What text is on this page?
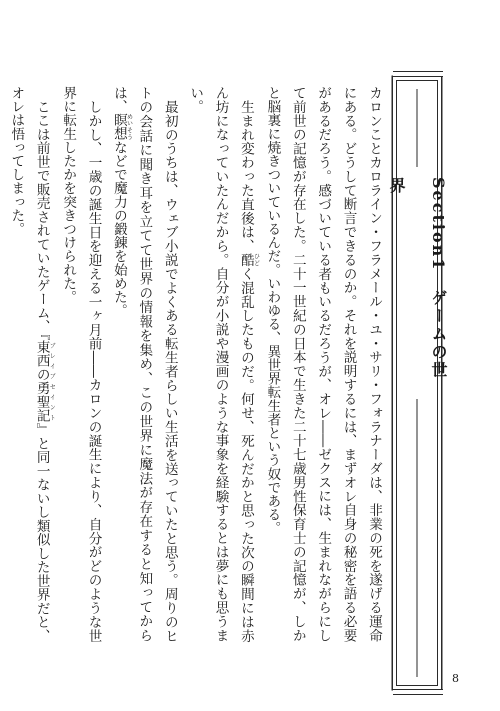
Section1　ゲームの世界

カロンことカロライン・フラメール・ユ・サリ・フォラナーダは、非業の死を遂げる運命にある。どうして断言できるのか。それを説明するには、まずオレ自身の秘密を語る必要があるだろう。感づいている者もいるだろうが、オレ――ゼクスには、生まれながらにして前世の記憶が存在した。二十一世紀の日本で生きた二十七歳男性保育士の記憶が、しかと脳裏に焼きついているんだ。いわゆる、異世界転生者という奴である。

生まれ変わった直後は、酷ひどく混乱したものだ。何せ、死んだかと思った次の瞬間には赤ん坊になっていたんだから。自分が小説や漫画のような事象を経験するとは夢にも思うまい。

最初のうちは、ウェブ小説でよくある転生者らしい生活を送っていたと思う。周りのヒトの会話に聞き耳を立てて世界の情報を集め、この世界に魔法が存在すると知ってからは、瞑想めいそうなどで魔力の鍛錬を始めた。

しかし、一歳の誕生日を迎える一ヶ月前――カロンの誕生により、自分がどのような世界に転生したかを突きつけられた。

ここは前世で販売されていたゲーム、『東西の勇聖記ブレイブセイント』と同一ないし類似した世界だと、オレは悟ってしまった。

8
